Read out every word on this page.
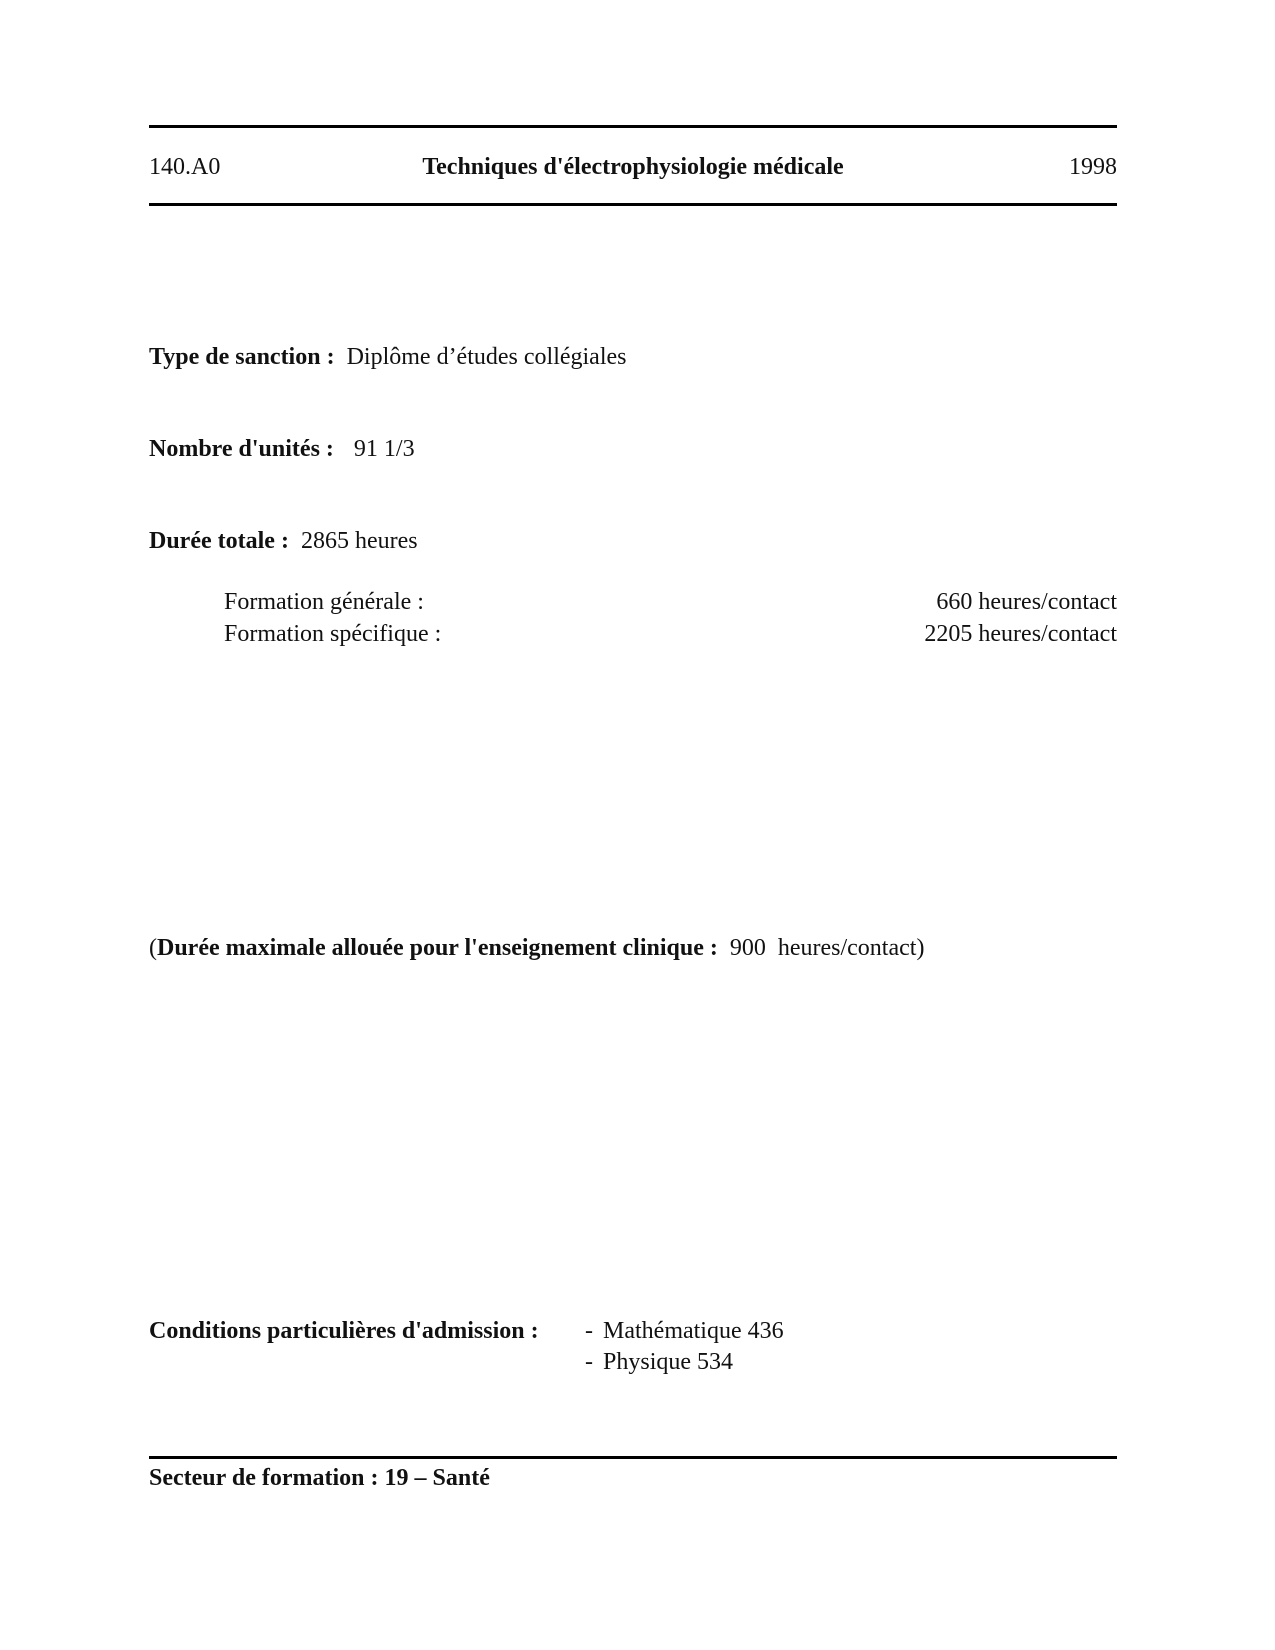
140.A0	Techniques d'électrophysiologie médicale	1998
Type de sanction : Diplôme d’études collégiales
Nombre d'unités : 91 1/3
Durée totale : 2865 heures
Formation générale :	660 heures/contact
Formation spécifique :	2205 heures/contact
(Durée maximale allouée pour l'enseignement clinique : 900 heures/contact)
Conditions particulières d'admission : - Mathématique 436
- Physique 534
Secteur de formation : 19 – Santé
